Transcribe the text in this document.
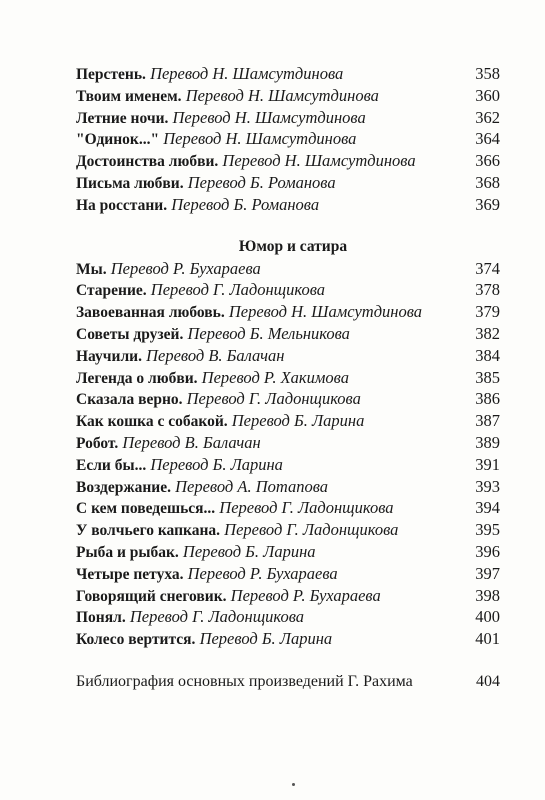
Перстень. Перевод Н. Шамсутдинова	358
Твоим именем. Перевод Н. Шамсутдинова	360
Летние ночи. Перевод Н. Шамсутдинова	362
"Одинок..." Перевод Н. Шамсутдинова	364
Достоинства любви. Перевод Н. Шамсутдинова	366
Письма любви. Перевод Б. Романова	368
На росстани. Перевод Б. Романова	369
Юмор и сатира
Мы. Перевод Р. Бухараева	374
Старение. Перевод Г. Ладонщикова	378
Завоеванная любовь. Перевод Н. Шамсутдинова	379
Советы друзей. Перевод Б. Мельникова	382
Научили. Перевод В. Балачан	384
Легенда о любви. Перевод Р. Хакимова	385
Сказала верно. Перевод Г. Ладонщикова	386
Как кошка с собакой. Перевод Б. Ларина	387
Робот. Перевод В. Балачан	389
Если бы... Перевод Б. Ларина	391
Воздержание. Перевод А. Потапова	393
С кем поведешься... Перевод Г. Ладонщикова	394
У волчьего капкана. Перевод Г. Ладонщикова	395
Рыба и рыбак. Перевод Б. Ларина	396
Четыре петуха. Перевод Р. Бухараева	397
Говорящий снеговик. Перевод Р. Бухараева	398
Понял. Перевод Г. Ладонщикова	400
Колесо вертится. Перевод Б. Ларина	401
Библиография основных произведений Г. Рахима	404
